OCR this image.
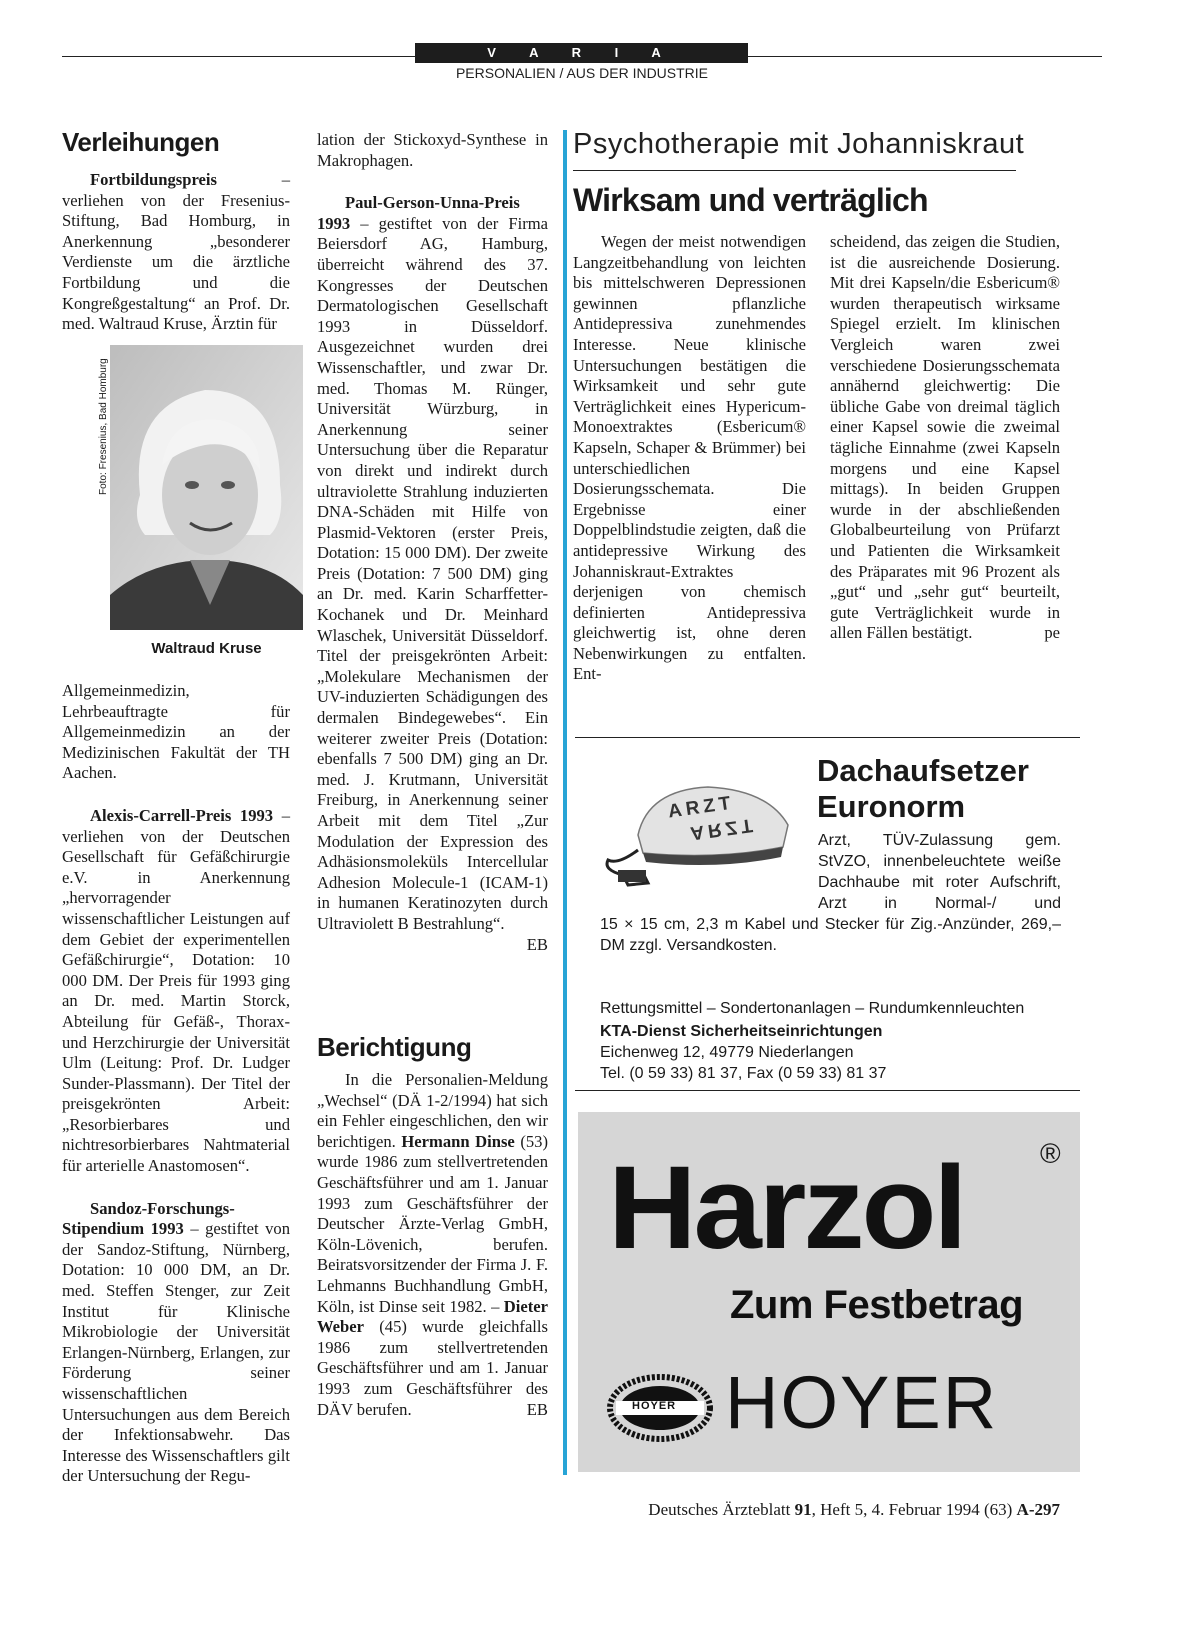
V A R I A
PERSONALIEN / AUS DER INDUSTRIE
Verleihungen

Fortbildungspreis – verliehen von der Fresenius-Stiftung, Bad Homburg, in Anerkennung „besonderer Verdienste um die ärztliche Fortbildung und die Kongreßgestaltung“ an Prof. Dr. med. Waltraud Kruse, Ärztin für

Foto: Fresenius, Bad Homburg
Waltraud Kruse

Allgemeinmedizin, Lehrbeauftragte für Allgemeinmedizin an der Medizinischen Fakultät der TH Aachen.

Alexis-Carrell-Preis 1993 – verliehen von der Deutschen Gesellschaft für Gefäßchirurgie e.V. in Anerkennung „hervorragender wissenschaftlicher Leistungen auf dem Gebiet der experimentellen Gefäßchirurgie“, Dotation: 10 000 DM. Der Preis für 1993 ging an Dr. med. Martin Storck, Abteilung für Gefäß-, Thorax- und Herzchirurgie der Universität Ulm (Leitung: Prof. Dr. Ludger Sunder-Plassmann). Der Titel der preisgekrönten Arbeit: „Resorbierbares und nichtresorbierbares Nahtmaterial für arterielle Anastomosen“.

Sandoz-Forschungs-Stipendium 1993 – gestiftet von der Sandoz-Stiftung, Nürnberg, Dotation: 10 000 DM, an Dr. med. Steffen Stenger, zur Zeit Institut für Klinische Mikrobiologie der Universität Erlangen-Nürnberg, Erlangen, zur Förderung seiner wissenschaftlichen Untersuchungen aus dem Bereich der Infektionsabwehr. Das Interesse des Wissenschaftlers gilt der Untersuchung der Regu-

lation der Stickoxyd-Synthese in Makrophagen.

Paul-Gerson-Unna-Preis 1993 – gestiftet von der Firma Beiersdorf AG, Hamburg, überreicht während des 37. Kongresses der Deutschen Dermatologischen Gesellschaft 1993 in Düsseldorf. Ausgezeichnet wurden drei Wissenschaftler, und zwar Dr. med. Thomas M. Rünger, Universität Würzburg, in Anerkennung seiner Untersuchung über die Reparatur von direkt und indirekt durch ultraviolette Strahlung induzierten DNA-Schäden mit Hilfe von Plasmid-Vektoren (erster Preis, Dotation: 15 000 DM). Der zweite Preis (Dotation: 7 500 DM) ging an Dr. med. Karin Scharffetter-Kochanek und Dr. Meinhard Wlaschek, Universität Düsseldorf. Titel der preisgekrönten Arbeit: „Molekulare Mechanismen der UV-induzierten Schädigungen des dermalen Bindegewebes“. Ein weiterer zweiter Preis (Dotation: ebenfalls 7 500 DM) ging an Dr. med. J. Krutmann, Universität Freiburg, in Anerkennung seiner Arbeit mit dem Titel „Zur Modulation der Expression des Adhäsionsmoleküls Intercellular Adhesion Molecule-1 (ICAM-1) in humanen Keratinozyten durch Ultraviolett B Bestrahlung“.
EB

Berichtigung

In die Personalien-Meldung „Wechsel“ (DÄ 1-2/1994) hat sich ein Fehler eingeschlichen, den wir berichtigen. Hermann Dinse (53) wurde 1986 zum stellvertretenden Geschäftsführer und am 1. Januar 1993 zum Geschäftsführer der Deutscher Ärzte-Verlag GmbH, Köln-Lövenich, berufen. Beiratsvorsitzender der Firma J. F. Lehmanns Buchhandlung GmbH, Köln, ist Dinse seit 1982. – Dieter Weber (45) wurde gleichfalls 1986 zum stellvertretenden Geschäftsführer und am 1. Januar 1993 zum Geschäftsführer des DÄV berufen.	EB

Psychotherapie mit Johanniskraut
Wirksam und verträglich

Wegen der meist notwendigen Langzeitbehandlung von leichten bis mittelschweren Depressionen gewinnen pflanzliche Antidepressiva zunehmendes Interesse. Neue klinische Untersuchungen bestätigen die Wirksamkeit und sehr gute Verträglichkeit eines Hypericum-Monoextraktes (Esbericum® Kapseln, Schaper & Brümmer) bei unterschiedlichen Dosierungsschemata. Die Ergebnisse einer Doppelblindstudie zeigten, daß die antidepressive Wirkung des Johanniskraut-Extraktes derjenigen von chemisch definierten Antidepressiva gleichwertig ist, ohne deren Nebenwirkungen zu entfalten. Ent-

scheidend, das zeigen die Studien, ist die ausreichende Dosierung. Mit drei Kapseln/die Esbericum® wurden therapeutisch wirksame Spiegel erzielt. Im klinischen Vergleich waren zwei verschiedene Dosierungsschemata annähernd gleichwertig: Die übliche Gabe von dreimal täglich einer Kapsel sowie die zweimal tägliche Einnahme (zwei Kapseln morgens und eine Kapsel mittags). In beiden Gruppen wurde in der abschließenden Globalbeurteilung von Prüfarzt und Patienten die Wirksamkeit des Präparates mit 96 Prozent als „gut“ und „sehr gut“ beurteilt, gute Verträglichkeit wurde in allen Fällen bestätigt.	pe

ARZT
ARZT
Dachaufsetzer
Euronorm
Arzt, TÜV-Zulassung gem. StVZO, innenbeleuchtete weiße Dachhaube mit roter Aufschrift, Arzt in Normal-/ und
Rettungsmittel – Sondertonanlagen – Rundumkennleuchten
KTA-Dienst Sicherheitseinrichtungen
Eichenweg 12, 49779 Niederlangen
Tel. (0 59 33) 81 37, Fax (0 59 33) 81 37
15 × 15 cm, 2,3 m Kabel und Stecker für Zig.-Anzünder, 269,– DM zzgl. Versandkosten.
Harzol	®
Zum Festbetrag
HOYER HOYER
Deutsches Ärzteblatt 91, Heft 5, 4. Februar 1994 (63) A-297
